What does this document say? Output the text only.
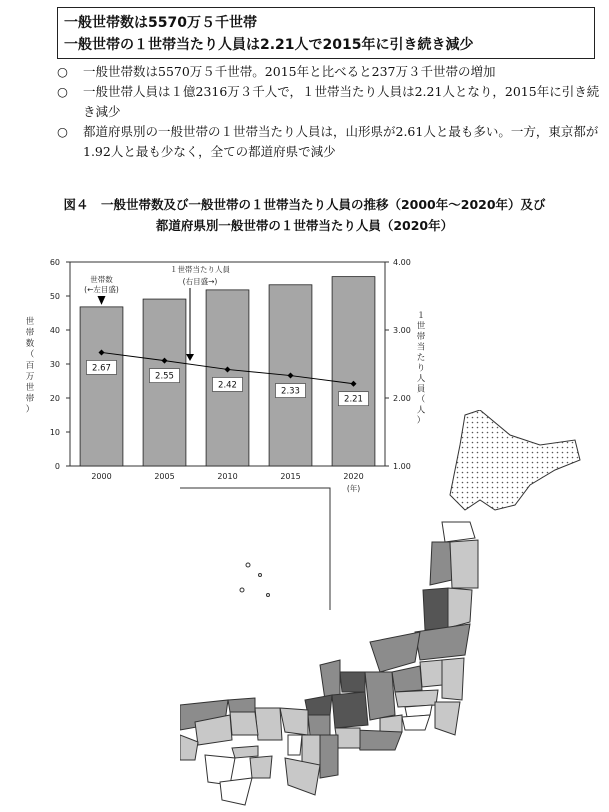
一般世帯数は5570万５千世帯
一般世帯の１世帯当たり人員は2.21人で2015年に引き続き減少
○ 一般世帯数は5570万５千世帯。2015年と比べると237万３千世帯の増加
○ 一般世帯人員は１億2316万３千人で，１世帯当たり人員は2.21人となり，2015年に引き続き減少
○ 都道府県別の一般世帯の１世帯当たり人員は，山形県が2.61人と最も多い。一方，東京都が1.92人と最も少なく，全ての都道府県で減少
図４　一般世帯数及び一般世帯の１世帯当たり人員の推移（2000年～2020年）及び
都道府県別一般世帯の１世帯当たり人員（2020年）
0
10
20
30
40
50
60
1.00
2.00
3.00
4.00
2000	2005	2010	2015	2020
(年)
2.67
2.55
2.42
2.33
2.21
世
帯
数
（
百
万
世
帯
）
１
世
帯
当
た
り
人
員
（
人
）
世帯数
(←左目盛)
１世帯当たり人員
(右目盛→)
